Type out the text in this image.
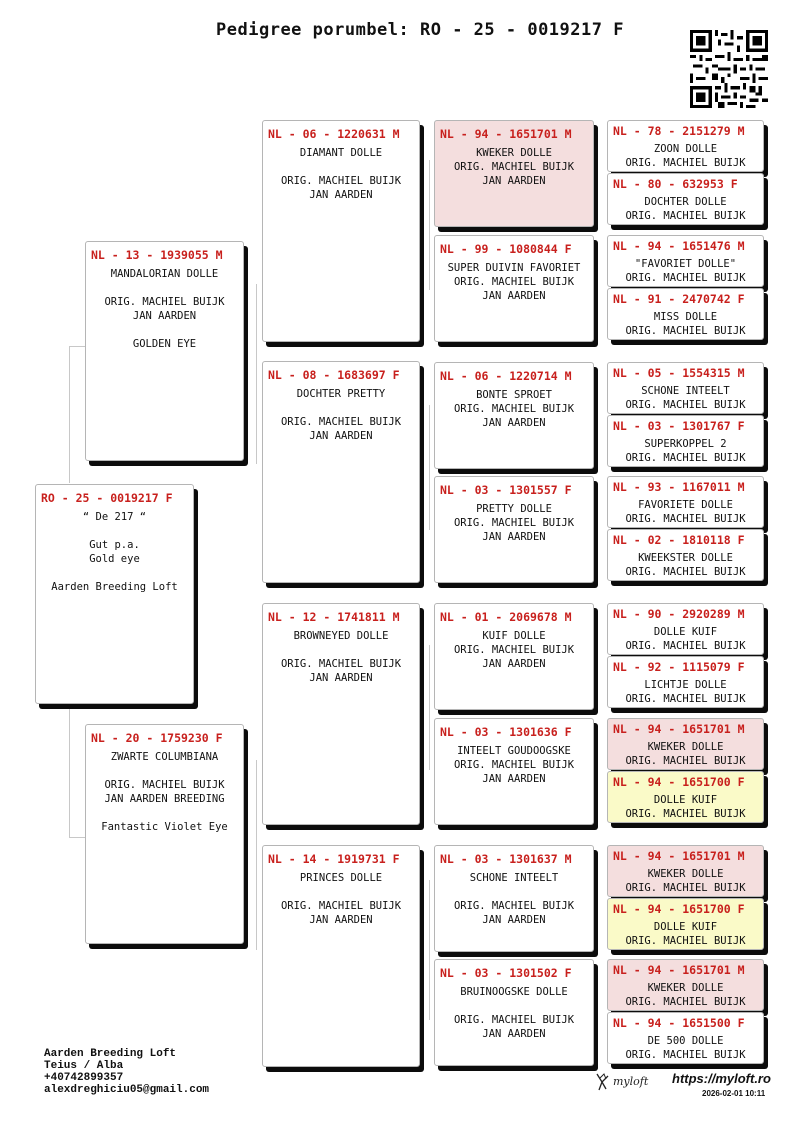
Pedigree porumbel: RO - 25 - 0019217 F
RO - 25 - 0019217 F
“ De 217 “
Gut p.a.
Gold eye
Aarden Breeding Loft
NL - 13 - 1939055 M
MANDALORIAN DOLLE
ORIG. MACHIEL BUIJK
JAN AARDEN
GOLDEN EYE
NL - 20 - 1759230 F
ZWARTE COLUMBIANA
ORIG. MACHIEL BUIJK
JAN AARDEN BREEDING
Fantastic Violet Eye
NL - 06 - 1220631 M
DIAMANT DOLLE
ORIG. MACHIEL BUIJK
JAN AARDEN
NL - 08 - 1683697 F
DOCHTER PRETTY
ORIG. MACHIEL BUIJK
JAN AARDEN
NL - 12 - 1741811 M
BROWNEYED DOLLE
ORIG. MACHIEL BUIJK
JAN AARDEN
NL - 14 - 1919731 F
PRINCES DOLLE
ORIG. MACHIEL BUIJK
JAN AARDEN
NL - 94 - 1651701 M
KWEKER DOLLE
ORIG. MACHIEL BUIJK
JAN AARDEN
NL - 99 - 1080844 F
SUPER DUIVIN FAVORIET
ORIG. MACHIEL BUIJK
JAN AARDEN
NL - 06 - 1220714 M
BONTE SPROET
ORIG. MACHIEL BUIJK
JAN AARDEN
NL - 03 - 1301557 F
PRETTY DOLLE
ORIG. MACHIEL BUIJK
JAN AARDEN
NL - 01 - 2069678 M
KUIF DOLLE
ORIG. MACHIEL BUIJK
JAN AARDEN
NL - 03 - 1301636 F
INTEELT GOUDOOGSKE
ORIG. MACHIEL BUIJK
JAN AARDEN
NL - 03 - 1301637 M
SCHONE INTEELT
ORIG. MACHIEL BUIJK
JAN AARDEN
NL - 03 - 1301502 F
BRUINOOGSKE DOLLE
ORIG. MACHIEL BUIJK
JAN AARDEN
NL - 78 - 2151279 M
ZOON DOLLE
ORIG. MACHIEL BUIJK
NL - 80 - 632953 F
DOCHTER DOLLE
ORIG. MACHIEL BUIJK
NL - 94 - 1651476 M
"FAVORIET DOLLE"
ORIG. MACHIEL BUIJK
NL - 91 - 2470742 F
MISS DOLLE
ORIG. MACHIEL BUIJK
NL - 05 - 1554315 M
SCHONE INTEELT
ORIG. MACHIEL BUIJK
NL - 03 - 1301767 F
SUPERKOPPEL 2
ORIG. MACHIEL BUIJK
NL - 93 - 1167011 M
FAVORIETE DOLLE
ORIG. MACHIEL BUIJK
NL - 02 - 1810118 F
KWEEKSTER DOLLE
ORIG. MACHIEL BUIJK
NL - 90 - 2920289 M
DOLLE KUIF
ORIG. MACHIEL BUIJK
NL - 92 - 1115079 F
LICHTJE DOLLE
ORIG. MACHIEL BUIJK
NL - 94 - 1651701 M
KWEKER DOLLE
ORIG. MACHIEL BUIJK
NL - 94 - 1651700 F
DOLLE KUIF
ORIG. MACHIEL BUIJK
NL - 94 - 1651701 M
KWEKER DOLLE
ORIG. MACHIEL BUIJK
NL - 94 - 1651700 F
DOLLE KUIF
ORIG. MACHIEL BUIJK
NL - 94 - 1651701 M
KWEKER DOLLE
ORIG. MACHIEL BUIJK
NL - 94 - 1651500 F
DE 500 DOLLE
ORIG. MACHIEL BUIJK
Aarden Breeding Loft
Teius / Alba
+40742899357
alexdreghiciu05@gmail.com
myloft https://myloft.ro
2026-02-01 10:11
